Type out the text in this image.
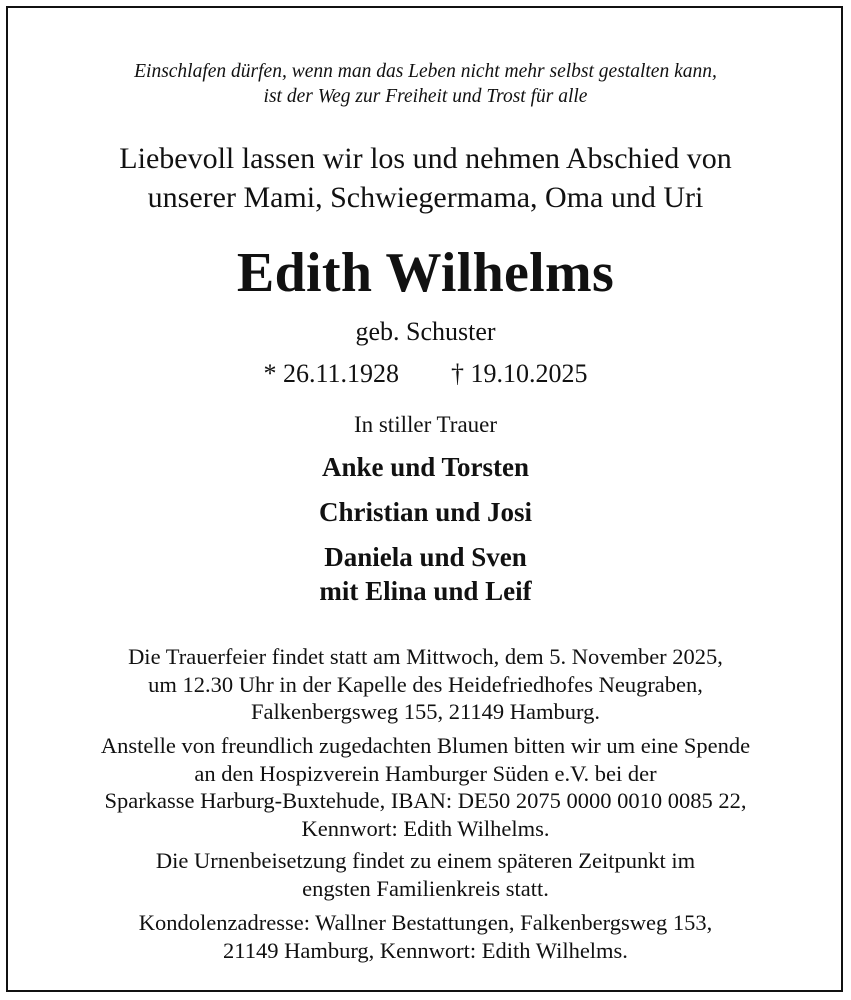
Einschlafen dürfen, wenn man das Leben nicht mehr selbst gestalten kann,
ist der Weg zur Freiheit und Trost für alle
Liebevoll lassen wir los und nehmen Abschied von
unserer Mami, Schwiegermama, Oma und Uri
Edith Wilhelms
geb. Schuster
* 26.11.1928 † 19.10.2025
In stiller Trauer
Anke und Torsten
Christian und Josi
Daniela und Sven
mit Elina und Leif
Die Trauerfeier findet statt am Mittwoch, dem 5. November 2025,
um 12.30 Uhr in der Kapelle des Heidefriedhofes Neugraben,
Falkenbergsweg 155, 21149 Hamburg.
Anstelle von freundlich zugedachten Blumen bitten wir um eine Spende
an den Hospizverein Hamburger Süden e.V. bei der
Sparkasse Harburg-Buxtehude, IBAN: DE50 2075 0000 0010 0085 22,
Kennwort: Edith Wilhelms.
Die Urnenbeisetzung findet zu einem späteren Zeitpunkt im
engsten Familienkreis statt.
Kondolenzadresse: Wallner Bestattungen, Falkenbergsweg 153,
21149 Hamburg, Kennwort: Edith Wilhelms.
